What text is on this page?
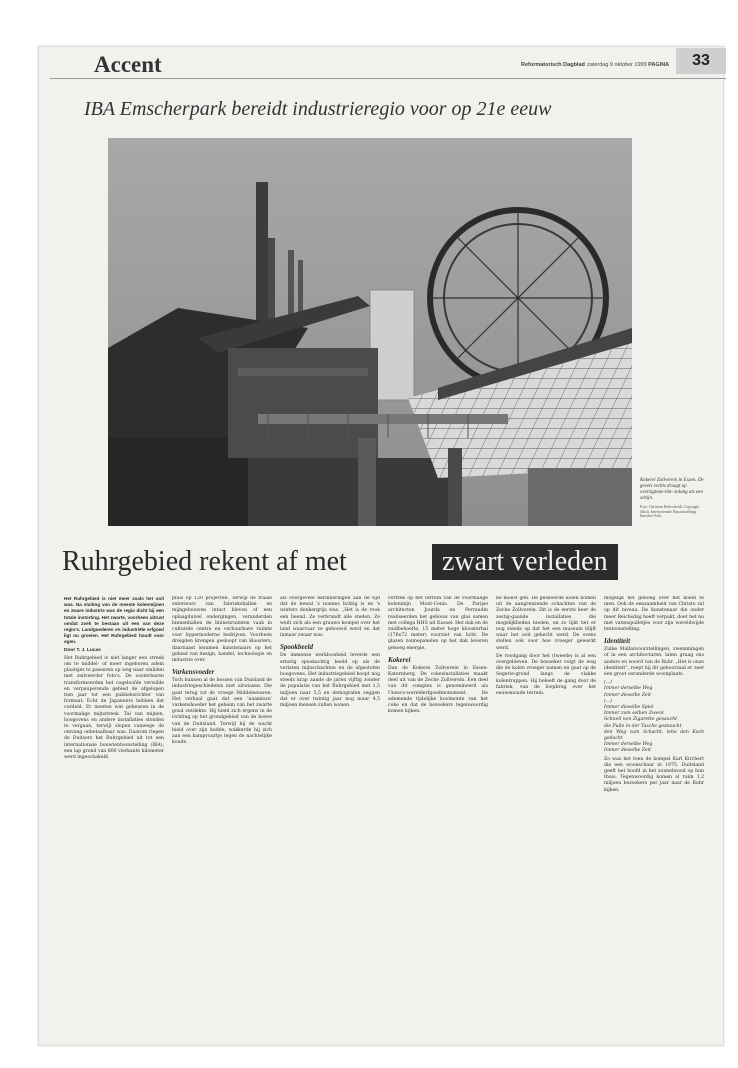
Accent	Reformatorisch Dagblad zaterdag 9 oktober 1999 PAGINA	33
IBA Emscherpark bereidt industrieregio voor op 21e eeuw
Kokerei Zollverein in Essen. De gevels rechts draagt op overzigtone-lim- zolang als een schijn.
Foto: Christian Bobischeidt, Copyright Jülich, Internationale Bauausstellung Emscher Park
Ruhrgebied rekent af met	zwart verleden

Het Ruhrgebied is niet meer zoals het ooit was. Na sluiting van de meeste kolenmijnen en zware industrie was de regio dicht bij een totale instorting. Het zwarte, voorheen uitrust omdat zoek te bestaan uit een van deze regio's. Landgoederen en industriële erfgoed ligt nu groeien. Het Ruhrgebied houdt voor ogen.

Door T. J. Lucas

Het Ruhrgebied is niet langer een streek om te middel- of meer ingeboren adem plaatsjes te passeren op weg naar omliden met zeilveerder foto's. De oosterburen transformeerden het cogeloofde verwilde en verpauperende gebied de afgelopen tien jaar tot een publieksrichter van formaat. Echt de Japanners hebben dat cordeld. Er moeten wat gebeuren in de voormalige mijnstreek. Tal van mijnen, hoogovens en andere installaties stonden te vergaan, terwijl slopen vanwege de omvang onbetaalbaar was. Daarom riepen de Duitsers het Ruhrgebied uit tot een internationale bouwtentoonstelling (IBA), een lap grond van 800 vierkante kilometer werd ingeschakeld.

pluis op 120 projecten. Terwijl de fraaie exterieurs van fabriekshallen en mijngebouwen intact bleven of een oplaagduivel ondergingen, veranderden binnenhallen de binnenruimten vaak in culturele centra en verhuurbare ruimte voor hypermoderne bedrijven. Voorheen dreigden krengen gesloopt van kloosters, daarnaast kwamen kunstenaars op het gebied van design, handel, technologie en industrie over.

Varkensvoeder

Toch kunnen al de bossen van Duisland de industriegeschiedenis niet uitwissen. Die gaat terug tot de vroege Middeleeuwen. Het verhaal gaat dat een ‘naamloze’ varkenshoeder het geheim van het zwarte goud ontdekte. Hij hield zich ergens in de richting op het grondgebied van de hoeve van de Duitsland. Terwijl hij de wacht hield over zijn kudde, wakkerde hij zich aan een kampvuurtje tegen de nachtelijke koude.

als overgevele herinneringen aan de tijd dat de bewal 's nonnes lichtig is en 's winters donkergrijs was. „Het is de rook een beend. Ze verbrandt alle steden. Ze weilt zich als een grauwe kompel over het land waarvaar ze gebouwd werd en dat inmaar zwaar was.

Spookbeeld

De immense werkloosheid leverde een ernstig spookachtig beeld op als de verlaten mijnschachten en de afgestoten hoogovens. Het industriegebied koopt nog steeds krap aande de jaren vijftig zonder de populatie van het Ruhrgebied met 1,5 miljoen naar 5,5 en demografen zeggen dat er over twintig jaar nog maar 4,5 miljoen mensen zullen wonen.

vertrek op het terrein van de voormalige kolenmijn Mont-Cenis. De Parijse architecten Jourda en Perraudin realiseerden het gebouw van glas samen met collega HHS uit Kassel. Het dak en de zuidbehoefte, 15 meter hoge kloosterhal (176x72 meter) voorziet van licht. De glazen zonnepanelen op het dak leveren genoeg energie.

Kokerei

Dan de Kokerei Zollverein in Essen-Katernberg. De cokesinstallaties maakt deel uit van de Zeche Zollverein. Een deel van dit complex is genomineerd als Unesco-werelderfgoedmonument. De ademende tijdelijke koolmonte van het coke en dat de bezoekers tegenwoordig komen kijken.

be moest gen. De gesnoerde kolen komen uit de aangrenzende schachten van de Zeche Zollverein. Dit is de eerste keer de zestig-gaande installaties die mogelijkheden bieden, en zo lijkt het er nog steeds op dat het een museum blijft waar het ooit gehecht werd. De ovens stellen ook voor hoe vroeger gewerkt werd.

De roodgang door het (tweede) is al een overgebleven. De bezoeker volgt de weg die de kolen vroeger namen en gaat op de Segerie-grond langs de vlakke kolentrappen. Hij beleeft de gang door de fabriek, van de loopbrug over het eeuwenoude terrein.

mogelijk het genoeg over het koeld te men. Ook de eenzaamheid van Christo zal op dit niveau. De kunstenaar die onder meer Reichsdag heeft verpakt, doet het nu met vatenspulletjes voor zijn wereldwijde tentoonstelling.

Identiteit

Zulke Mallanvoorstellingen, zwemmingen of in een architecturen, laten graag ons anders en woord van de Ruhr. „Het is onze identiteit”, roept hij dit gehoorzaal er zeer een groot veranderde woonplaats.

(...)
Immer derselbe Weg
Immer dieselbe Zeit
(...)
Immer dieselbe Spiel
Immer zum selben Zweck
Schnell nen Zigarette gesaucht
die Pulle in der Tasche gestaucht
den Weg zum Schacht, lebe den Koch gedacht
Immer derselbe Weg
Immer dieselbe Zeit

Zo was het toen de kompel Karl Kirchert die een woonschaar in 1975. Duitsland geeft het hoofd in het zonnebrood op hun thuis. Tegenwoordig komen al ruim 1,2 miljoen bezoekers per jaar naar de Ruhr kijken.
